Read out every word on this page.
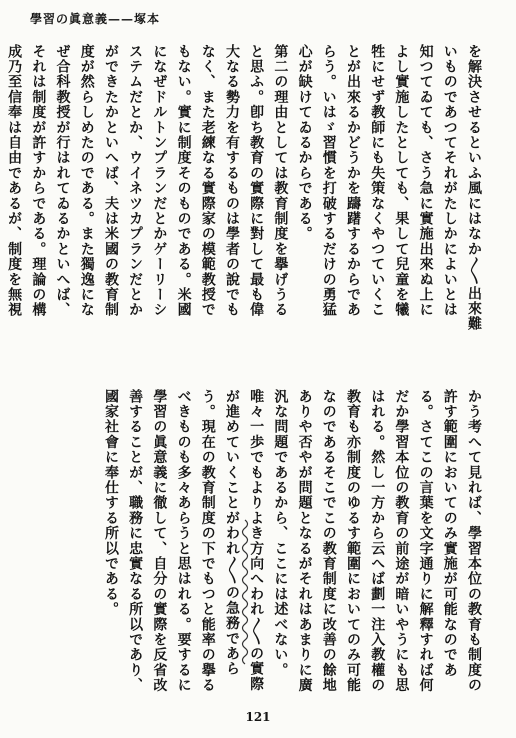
學習の眞意義——塚本

を解決させるといふ風にはなか〳〵出來難いものであつてそれがたしかによいとは知つてゐても、さう急に實施出來ぬ上によし實施したとしても、果して兒童を犧牲にせず教師にも失策なくやつていくことが出來るかどうかを躊躇するからであらう。いはゞ習慣を打破するだけの勇猛心が缺けてゐるからである。

第二の理由としては教育制度を擧げうると思ふ。卽ち教育の實際に對して最も偉大なる勢力を有するものは學者の說でもなく、また老練なる實際家の模範教授でもない。實に制度そのものである。米國になぜドルトンプランだとかゲーリーシステムだとか、ウイネツカプランだとかができたかといへば、夫は米國の教育制度が然らしめたのである。また獨逸になぜ合科教授が行はれてゐるかといへば、それは制度が許すからである。理論の構成乃至信奉は自由であるが、制度を無視

かう考へて見れば、學習本位の教育も制度の許す範圍においてのみ實施が可能なのである。さてこの言葉を文字通りに解釋すれば何だか學習本位の教育の前途が暗いやうにも思はれる。然し一方から云へば劃一注入教權の教育も亦制度のゆるす範圍においてのみ可能なのであるそこでこの教育制度に改善の餘地ありや否やが問題となるがそれはあまりに廣汎な問題であるから、ここには述べない。唯々一歩でもよりよき方向へわれ〳〵の實際が進めていくことがわれ〳〵の急務であらう。現在の教育制度の下でもつと能率の擧るべきものも多々あらうと思はれる。要するに學習の眞意義に徹して、自分の實際を反省改善することが、職務に忠實なる所以であり、國家社會に奉仕する所以である。

121
